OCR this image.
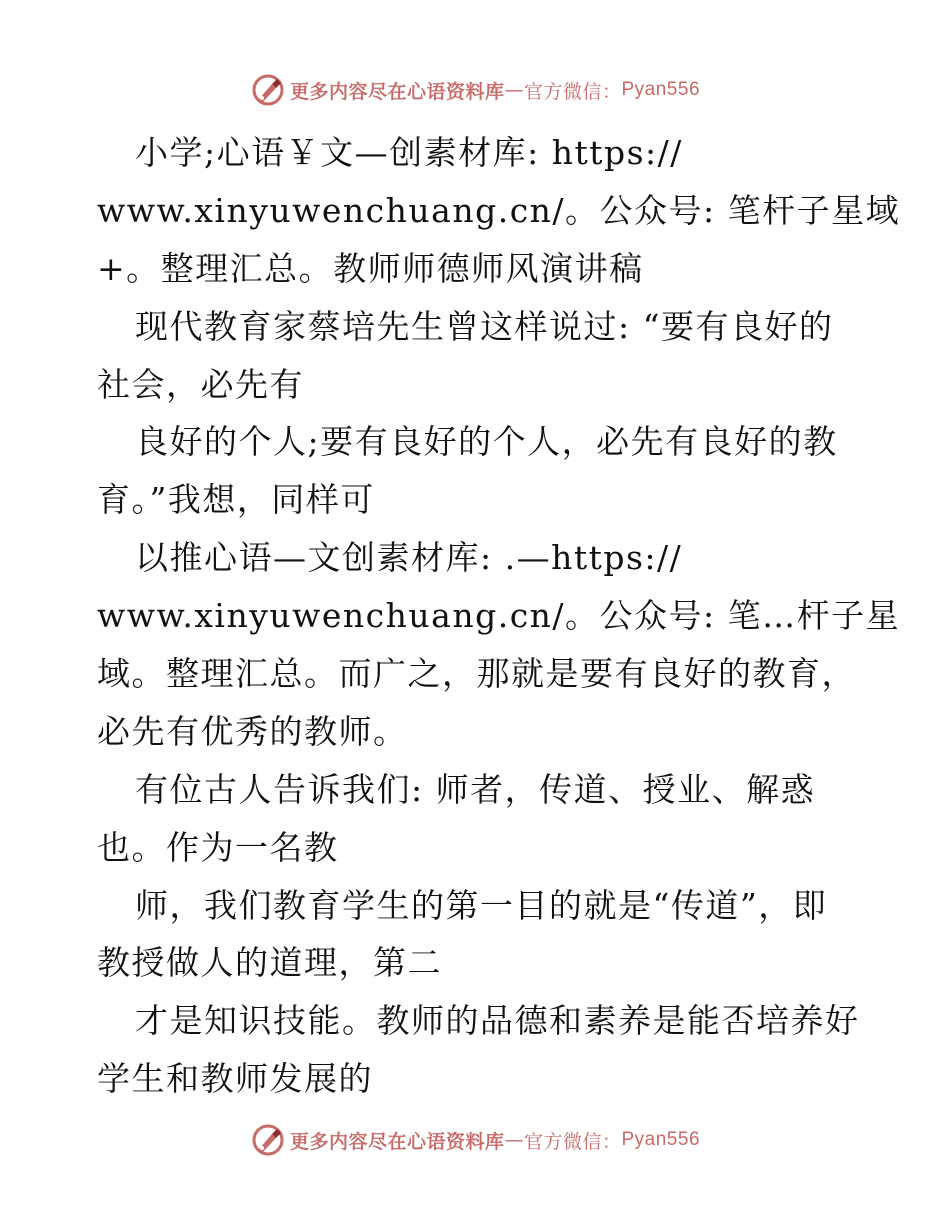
更多内容尽在心语资料库 — 官方微信： Pyan556
小学;心语￥文—创素材库: https://
www.xinyuwenchuang.cn/。公众号: 笔杆子星域
+。整理汇总。教师师德师风演讲稿
现代教育家蔡培先生曾这样说过: “要有良好的
社会，必先有
良好的个人;要有良好的个人，必先有良好的教
育。”我想，同样可
以推心语—文创素材库: .—https://
www.xinyuwenchuang.cn/。公众号: 笔…杆子星
域。整理汇总。而广之，那就是要有良好的教育，
必先有优秀的教师。
有位古人告诉我们: 师者，传道、授业、解惑
也。作为一名教
师，我们教育学生的第一目的就是“传道”，即
教授做人的道理，第二
才是知识技能。教师的品德和素养是能否培养好
学生和教师发展的
更多内容尽在心语资料库 — 官方微信： Pyan556
